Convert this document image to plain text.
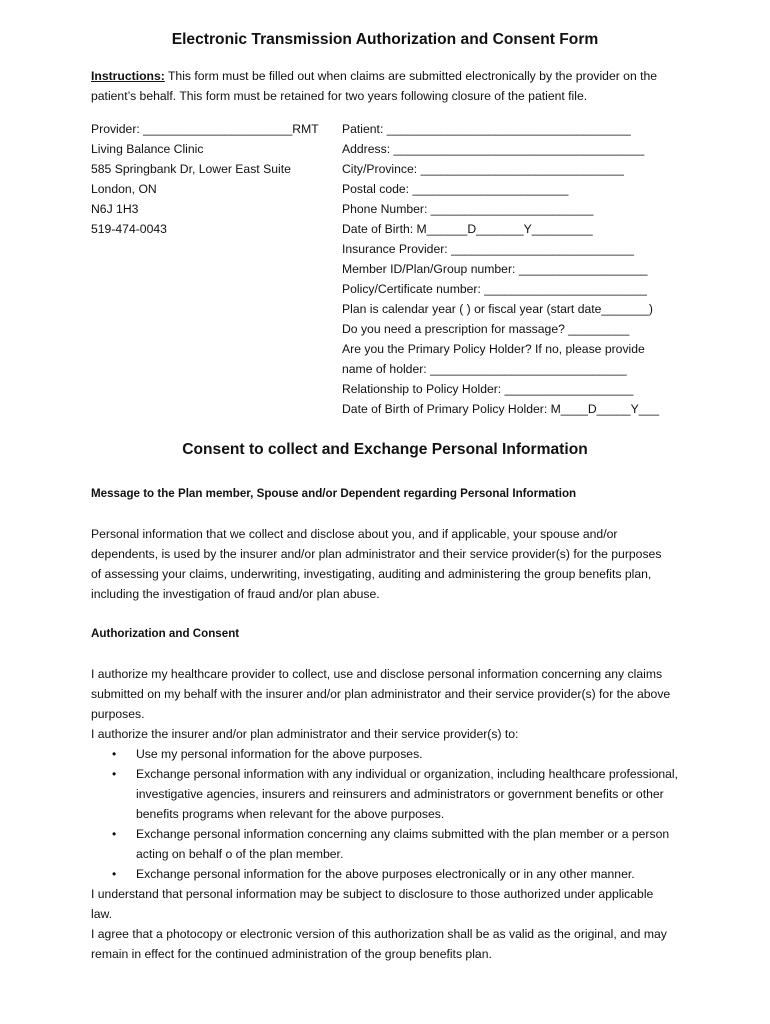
Electronic Transmission Authorization and Consent Form
Instructions: This form must be filled out when claims are submitted electronically by the provider on the patient’s behalf. This form must be retained for two years following closure of the patient file.
Provider: ______________________RMT
Living Balance Clinic
585 Springbank Dr, Lower East Suite
London, ON
N6J 1H3
519-474-0043
Patient: ____________________________________
Address: _____________________________________
City/Province: ______________________________
Postal code: _______________________
Phone Number: ________________________
Date of Birth: M______D_______Y_________
Insurance Provider: ___________________________
Member ID/Plan/Group number: ___________________
Policy/Certificate number: ________________________
Plan is calendar year ( ) or fiscal year (start date_______)
Do you need a prescription for massage? _________
Are you the Primary Policy Holder? If no, please provide
name of holder: _____________________________
Relationship to Policy Holder: ___________________
Date of Birth of Primary Policy Holder: M____D_____Y___
Consent to collect and Exchange Personal Information
Message to the Plan member, Spouse and/or Dependent regarding Personal Information
Personal information that we collect and disclose about you, and if applicable, your spouse and/or dependents, is used by the insurer and/or plan administrator and their service provider(s) for the purposes of assessing your claims, underwriting, investigating, auditing and administering the group benefits plan, including the investigation of fraud and/or plan abuse.
Authorization and Consent
I authorize my healthcare provider to collect, use and disclose personal information concerning any claims submitted on my behalf with the insurer and/or plan administrator and their service provider(s) for the above purposes.
I authorize the insurer and/or plan administrator and their service provider(s) to:
• Use my personal information for the above purposes.
• Exchange personal information with any individual or organization, including healthcare professional, investigative agencies, insurers and reinsurers and administrators or government benefits or other benefits programs when relevant for the above purposes.
• Exchange personal information concerning any claims submitted with the plan member or a person acting on behalf o of the plan member.
• Exchange personal information for the above purposes electronically or in any other manner.
I understand that personal information may be subject to disclosure to those authorized under applicable law.
I agree that a photocopy or electronic version of this authorization shall be as valid as the original, and may remain in effect for the continued administration of the group benefits plan.
